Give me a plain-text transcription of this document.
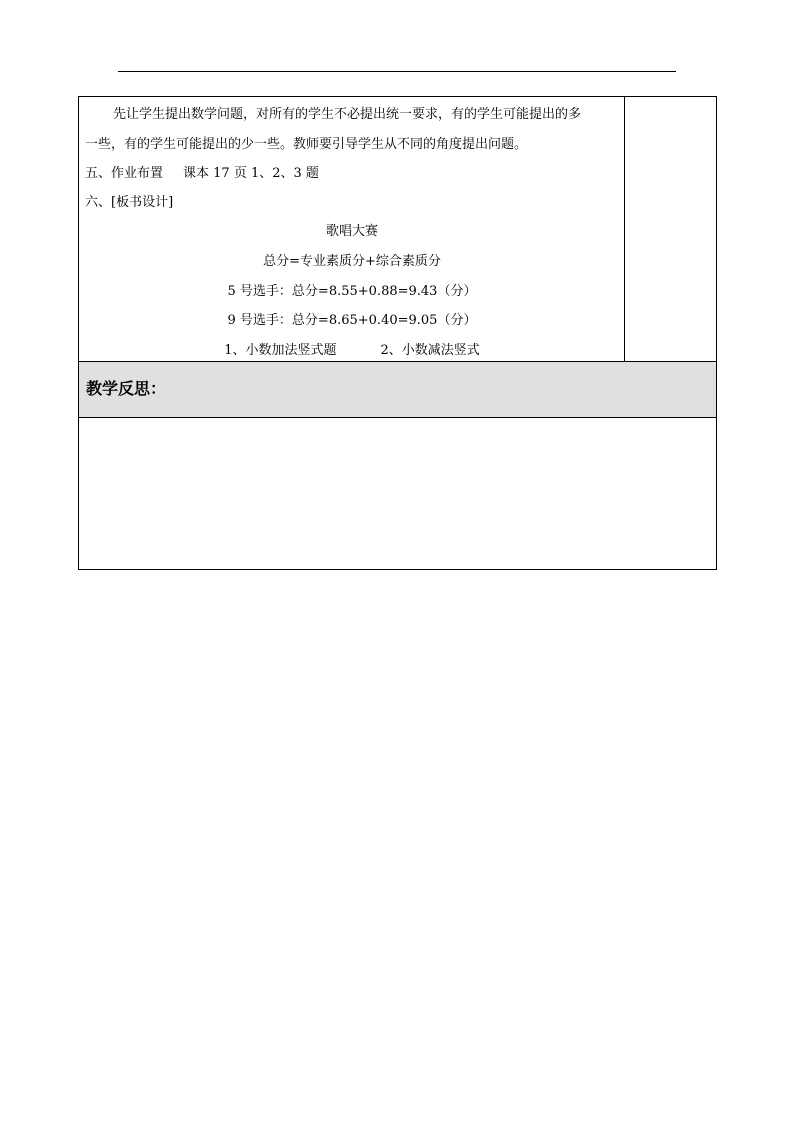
先让学生提出数学问题，对所有的学生不必提出统一要求，有的学生可能提出的多
一些，有的学生可能提出的少一些。教师要引导学生从不同的角度提出问题。
五、作业布置 课本 17 页 1、2、3 题
六、[板书设计]
歌唱大赛
总分=专业素质分+综合素质分
5 号选手：总分=8.55+0.88=9.43（分）
9 号选手：总分=8.65+0.40=9.05（分）
1、小数加法竖式题	2、小数减法竖式
教学反思：
